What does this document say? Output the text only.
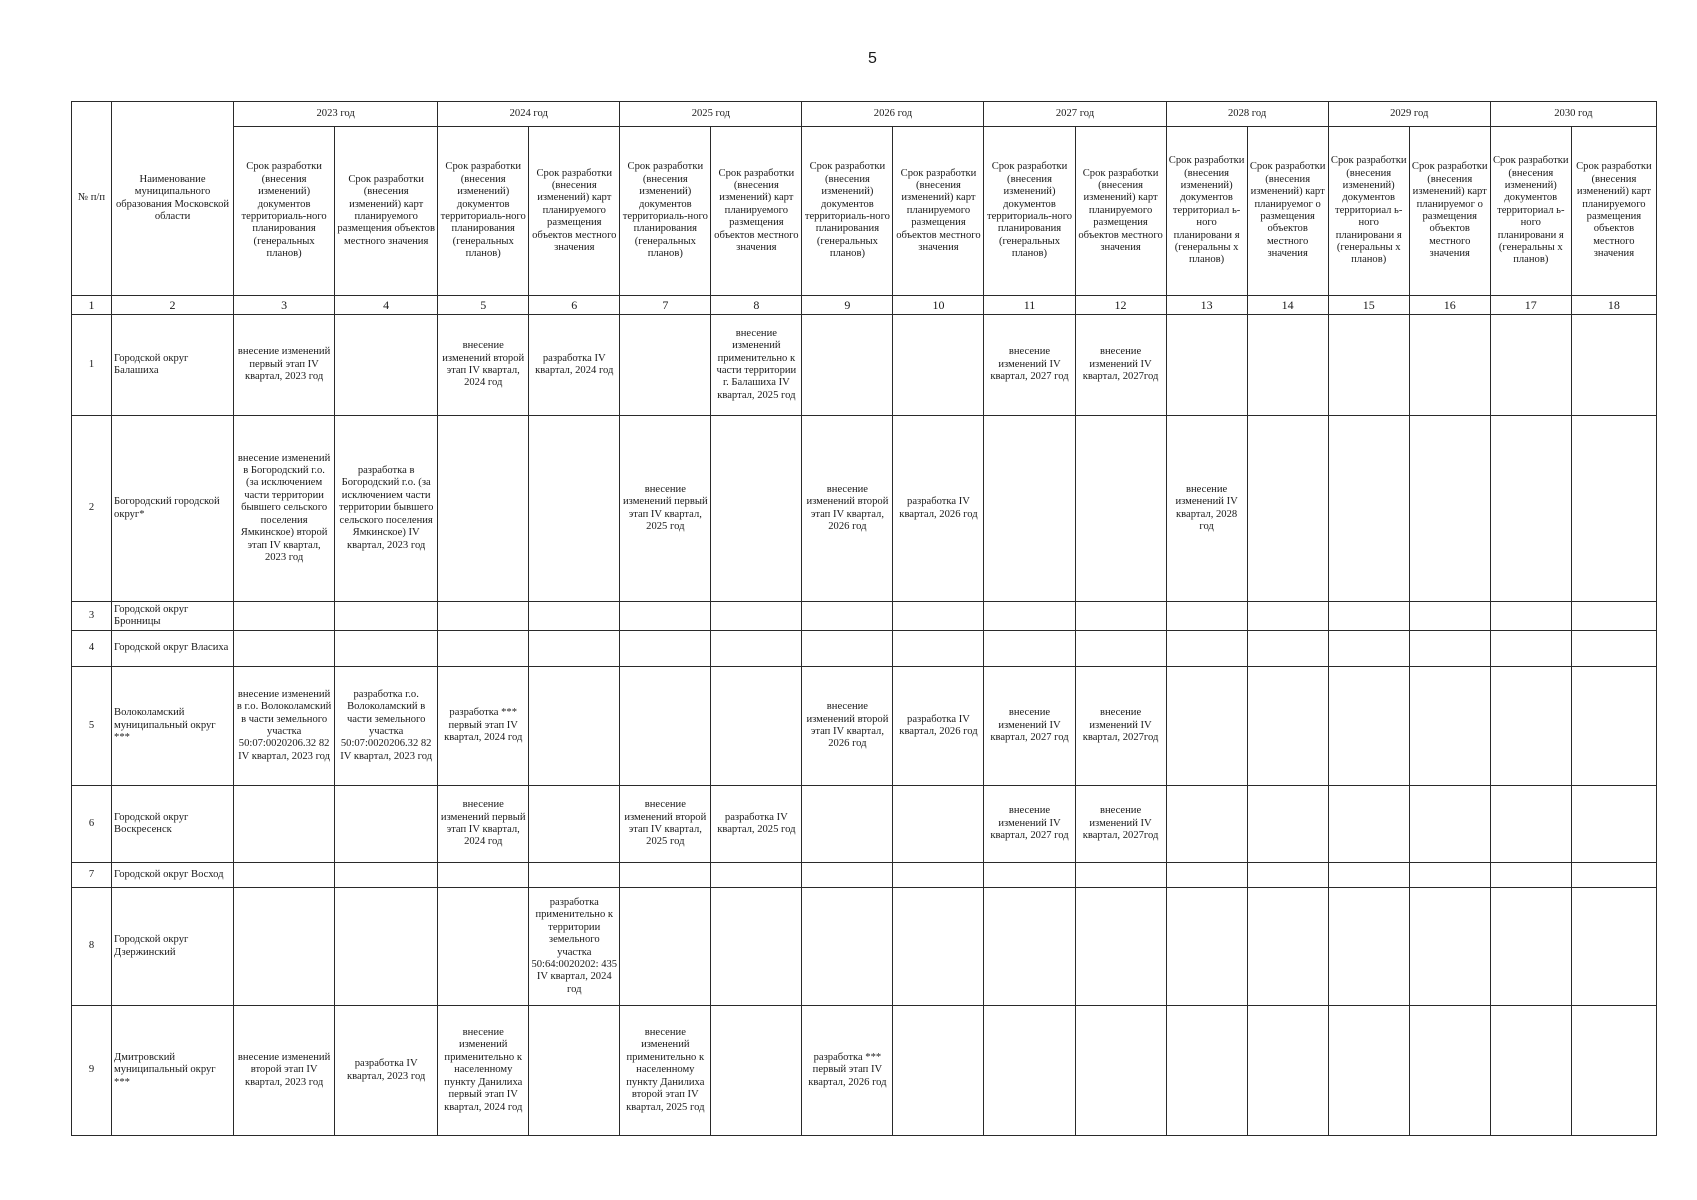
5
№ п/п	Наименование муниципального образования Московской области	2023 год		2024 год		2025 год		2026 год		2027 год		2028 год		2029 год		2030 год	
		Срок разработки (внесения изменений) документов территориаль-ного планирования (генеральных планов)	Срок разработки (внесения изменений) карт планируемого размещения объектов местного значения	Срок разработки (внесения изменений) документов территориаль-ного планирования (генеральных планов)	Срок разработки (внесения изменений) карт планируемого размещения объектов местного значения	Срок разработки (внесения изменений) документов территориаль-ного планирования (генеральных планов)	Срок разработки (внесения изменений) карт планируемого размещения объектов местного значения	Срок разработки (внесения изменений) документов территориаль-ного планирования (генеральных планов)	Срок разработки (внесения изменений) карт планируемого размещения объектов местного значения	Срок разработки (внесения изменений) документов территориаль-ного планирования (генеральных планов)	Срок разработки (внесения изменений) карт планируемого размещения объектов местного значения	Срок разработки (внесения изменений) документов территориал ь-ного планировани я (генеральны х планов)	Срок разработки (внесения изменений) карт планируемог о размещения объектов местного значения	Срок разработки (внесения изменений) документов территориал ь-ного планировани я (генеральны х планов)	Срок разработки (внесения изменений) карт планируемог о размещения объектов местного значения	Срок разработки (внесения изменений) документов территориал ь-ного планировани я (генеральны х планов)	Срок разработки (внесения изменений) карт планируемого размещения объектов местного значения
1	2	3	4	5	6	7	8	9	10	11	12	13	14	15	16	17	18
1	Городской округ Балашиха	внесение изменений первый этап IV квартал, 2023 год		внесение изменений второй этап IV квартал, 2024 год	разработка IV квартал, 2024 год		внесение изменений применительно к части территории г. Балашиха IV квартал, 2025 год			внесение изменений IV квартал, 2027 год	внесение изменений IV квартал, 2027год						
2	Богородский городской округ*	внесение изменений в Богородский г.о. (за исключением части территории бывшего сельского поселения Ямкинское) второй этап IV квартал, 2023 год	разработка в Богородский г.о. (за исключением части территории бывшего сельского поселения Ямкинское) IV квартал, 2023 год			внесение изменений первый этап IV квартал, 2025 год		внесение изменений второй этап IV квартал, 2026 год	разработка IV квартал, 2026 год			внесение изменений IV квартал, 2028 год					
3	Городской округ Бронницы																
4	Городской округ Власиха																
5	Волоколамский муниципальный округ ***	внесение изменений в г.о. Волоколамский в части земельного участка 50:07:0020206.32 82 IV квартал, 2023 год	разработка г.о. Волоколамский в части земельного участка 50:07:0020206.32 82 IV квартал, 2023 год	разработка *** первый этап IV квартал, 2024 год				внесение изменений второй этап IV квартал, 2026 год	разработка IV квартал, 2026 год	внесение изменений IV квартал, 2027 год	внесение изменений IV квартал, 2027год						
6	Городской округ Воскресенск			внесение изменений первый этап IV квартал, 2024 год		внесение изменений второй этап IV квартал, 2025 год	разработка IV квартал, 2025 год			внесение изменений IV квартал, 2027 год	внесение изменений IV квартал, 2027год						
7	Городской округ Восход																
8	Городской округ Дзержинский				разработка применительно к территории земельного участка 50:64:0020202: 435 IV квартал, 2024 год												
9	Дмитровский муниципальный округ ***	внесение изменений второй этап IV квартал, 2023 год	разработка IV квартал, 2023 год	внесение изменений применительно к населенному пункту Данилиха первый этап IV квартал, 2024 год		внесение изменений применительно к населенному пункту Данилиха второй этап IV квартал, 2025 год		разработка *** первый этап IV квартал, 2026 год									
